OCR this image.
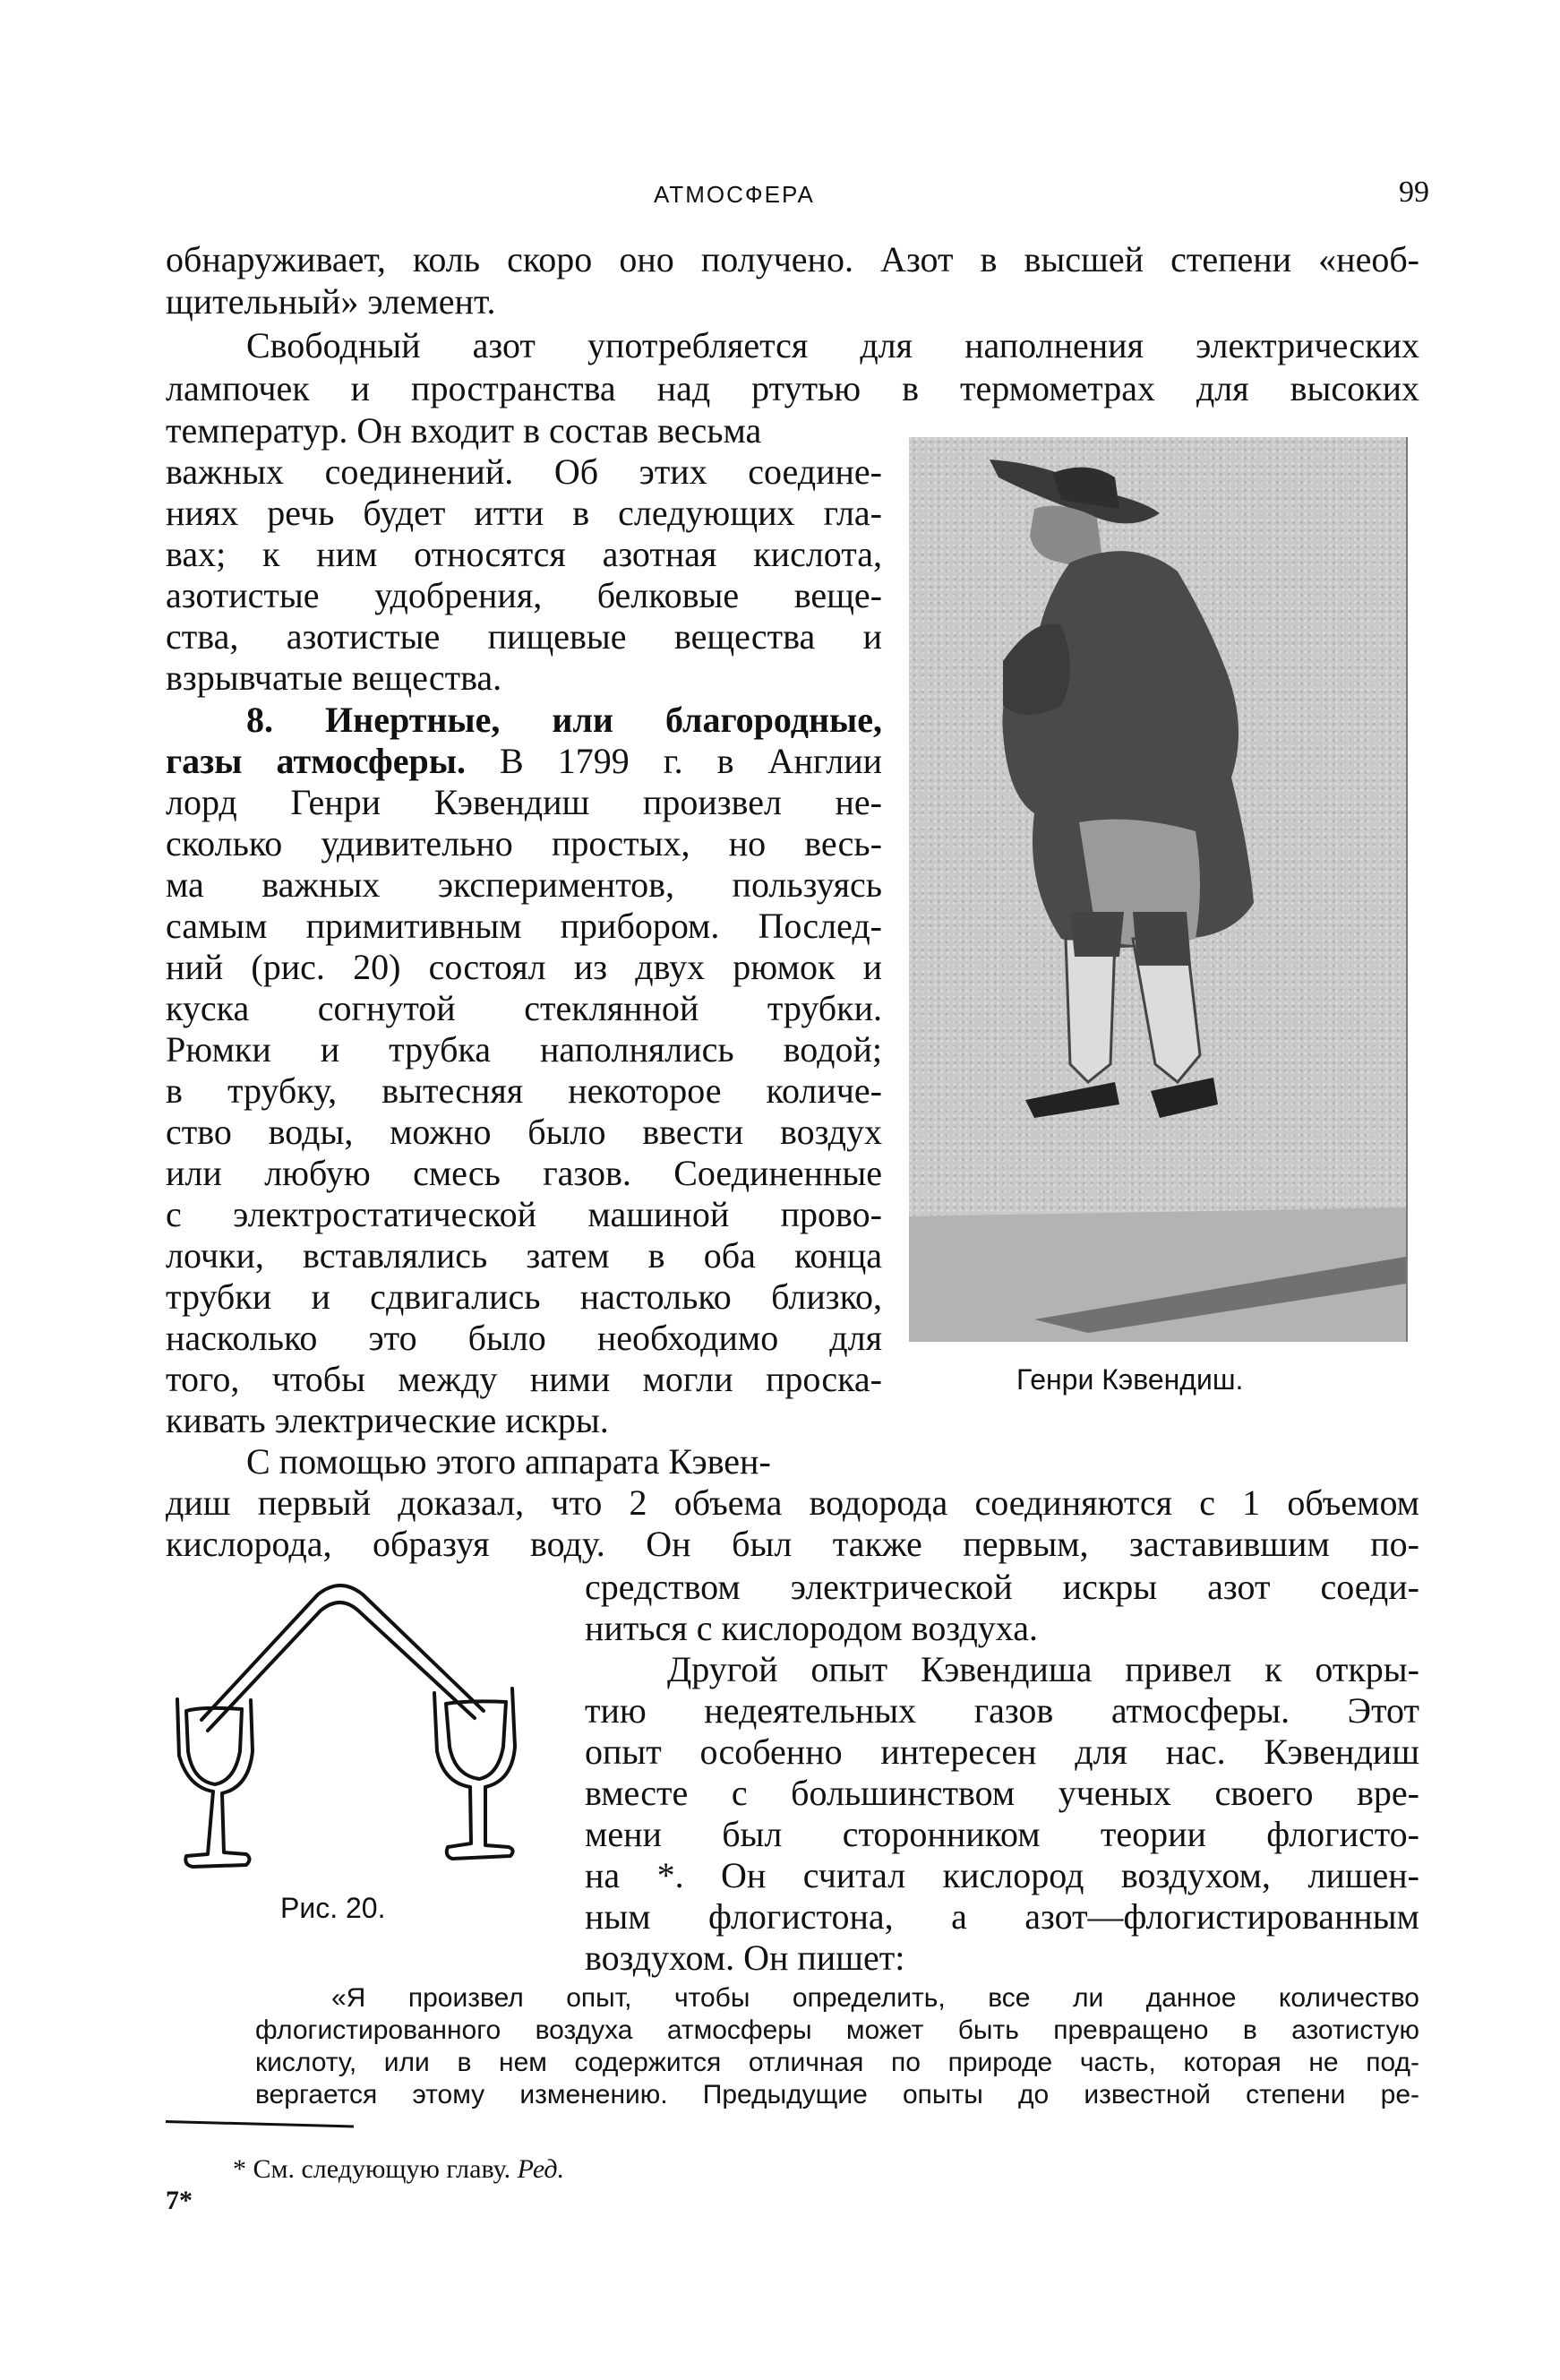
АТМОСФЕРА	99
обнаруживает, коль скоро оно получено. Азот в высшей степени «необ-
щительный» элемент.
Свободный азот употребляется для наполнения электрических
лампочек и пространства над ртутью в термометрах для высоких
температур. Он входит в состав весьма
важных соединений. Об этих соедине-
ниях речь будет итти в следующих гла-
вах; к ним относятся азотная кислота,
азотистые удобрения, белковые веще-
ства, азотистые пищевые вещества и
взрывчатые вещества.
8. Инертные, или благородные,
газы атмосферы. В 1799 г. в Англии
лорд Генри Кэвендиш произвел не-
сколько удивительно простых, но весь-
ма важных экспериментов, пользуясь
самым примитивным прибором. Послед-
ний (рис. 20) состоял из двух рюмок и
куска согнутой стеклянной трубки.
Рюмки и трубка наполнялись водой;
в трубку, вытесняя некоторое количе-
ство воды, можно было ввести воздух
или любую смесь газов. Соединенные
с электростатической машиной прово-
лочки, вставлялись затем в оба конца
трубки и сдвигались настолько близко,
насколько это было необходимо для
того, чтобы между ними могли проска-
кивать электрические искры.
С помощью этого аппарата Кэвен-
Генри Кэвендиш.
диш первый доказал, что 2 объема водорода соединяются с 1 объемом
кислорода, образуя воду. Он был также первым, заставившим по-
Рис. 20.
средством электрической искры азот соеди-
ниться с кислородом воздуха.
Другой опыт Кэвендиша привел к откры-
тию недеятельных газов атмосферы. Этот
опыт особенно интересен для нас. Кэвендиш
вместе с большинством ученых своего вре-
мени был сторонником теории флогисто-
на *. Он считал кислород воздухом, лишен-
ным флогистона, а азот—флогистированным
воздухом. Он пишет:
«Я произвел опыт, чтобы определить, все ли данное количество
флогистированного воздуха атмосферы может быть превращено в азотистую
кислоту, или в нем содержится отличная по природе часть, которая не под-
вергается этому изменению. Предыдущие опыты до известной степени ре-
* См. следующую главу. Ред.
7*
